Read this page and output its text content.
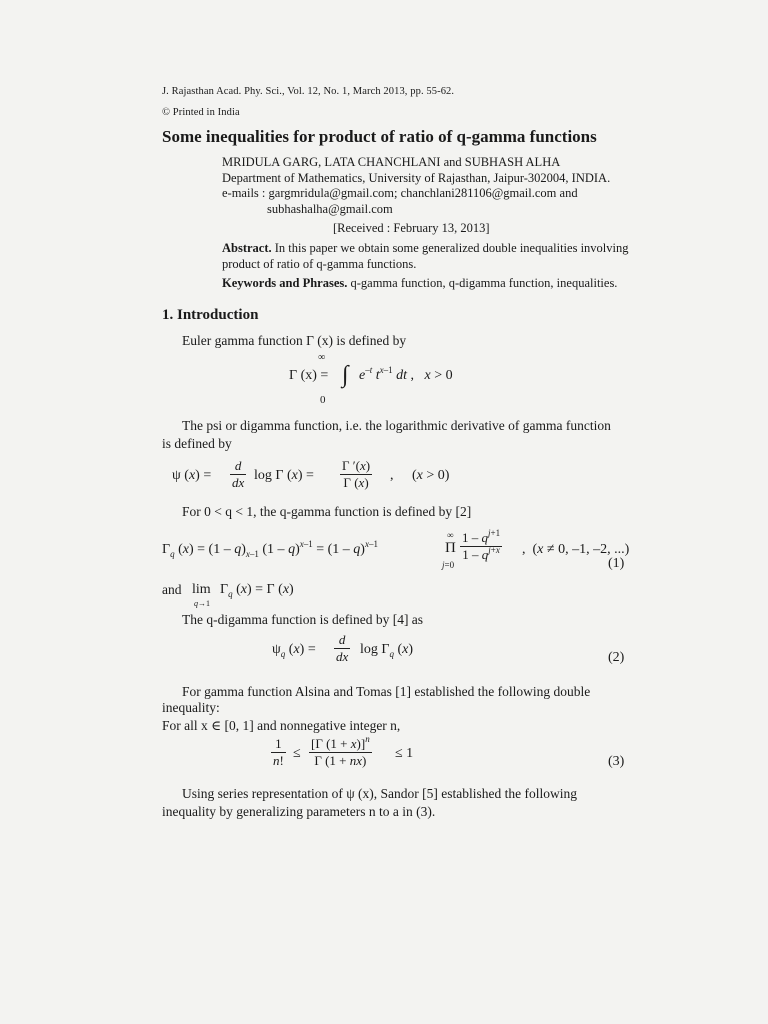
J. Rajasthan Acad. Phy. Sci., Vol. 12, No. 1, March 2013, pp. 55-62.
© Printed in India
Some inequalities for product of ratio of q-gamma functions
MRIDULA GARG, LATA CHANCHLANI and SUBHASH ALHA
Department of Mathematics, University of Rajasthan, Jaipur-302004, INDIA.
e-mails : gargmridula@gmail.com; chanchlani281106@gmail.com and
subhashalha@gmail.com
[Received : February 13, 2013]
Abstract. In this paper we obtain some generalized double inequalities involving
product of ratio of q-gamma functions.
Keywords and Phrases. q-gamma function, q-digamma function, inequalities.
1. Introduction
Euler gamma function Γ (x) is defined by
∞
Γ (x) = ∫ $e^{-t}$ $t^{x-1}$ dt ,   x > 0
0
The psi or digamma function, i.e. the logarithmic derivative of gamma function
is defined by
ψ $(x) = \frac{d}{dx}$ log Γ $(x) = \frac{\Gamma '(x)}{\Gamma (x)}$ , (x > 0)
For 0 < q < 1, the q-gamma function is defined by [2]
$\Gamma_q$ $(x) = (1 - q)_{x-1}$ (1 – q)$^{x-1}$ = (1 – q)$^{x-1}$
∞
Π
j=0
$\frac{1 - q^{j+1}}{1 - q^{j+x}}$ ,  (x ≠ 0, –1, –2, ...)
(1)
and lim
q→1
$\Gamma_q$ (x) = Γ (x)
The q-digamma function is defined by [4] as
$\psi_q$ $(x) = \frac{d}{dx}$ $\log \Gamma_q$ (x)
(2)
For gamma function Alsina and Tomas [1] established the following double
inequality:
For all x ∈ [0, 1] and nonnegative integer n,
$\frac{1}{n!} \le \frac{[\Gamma (1 + x)]^n}{\Gamma (1 + nx)} \le 1$
(3)
Using series representation of ψ (x), Sandor [5] established the following
inequality by generalizing parameters n to a in (3).
